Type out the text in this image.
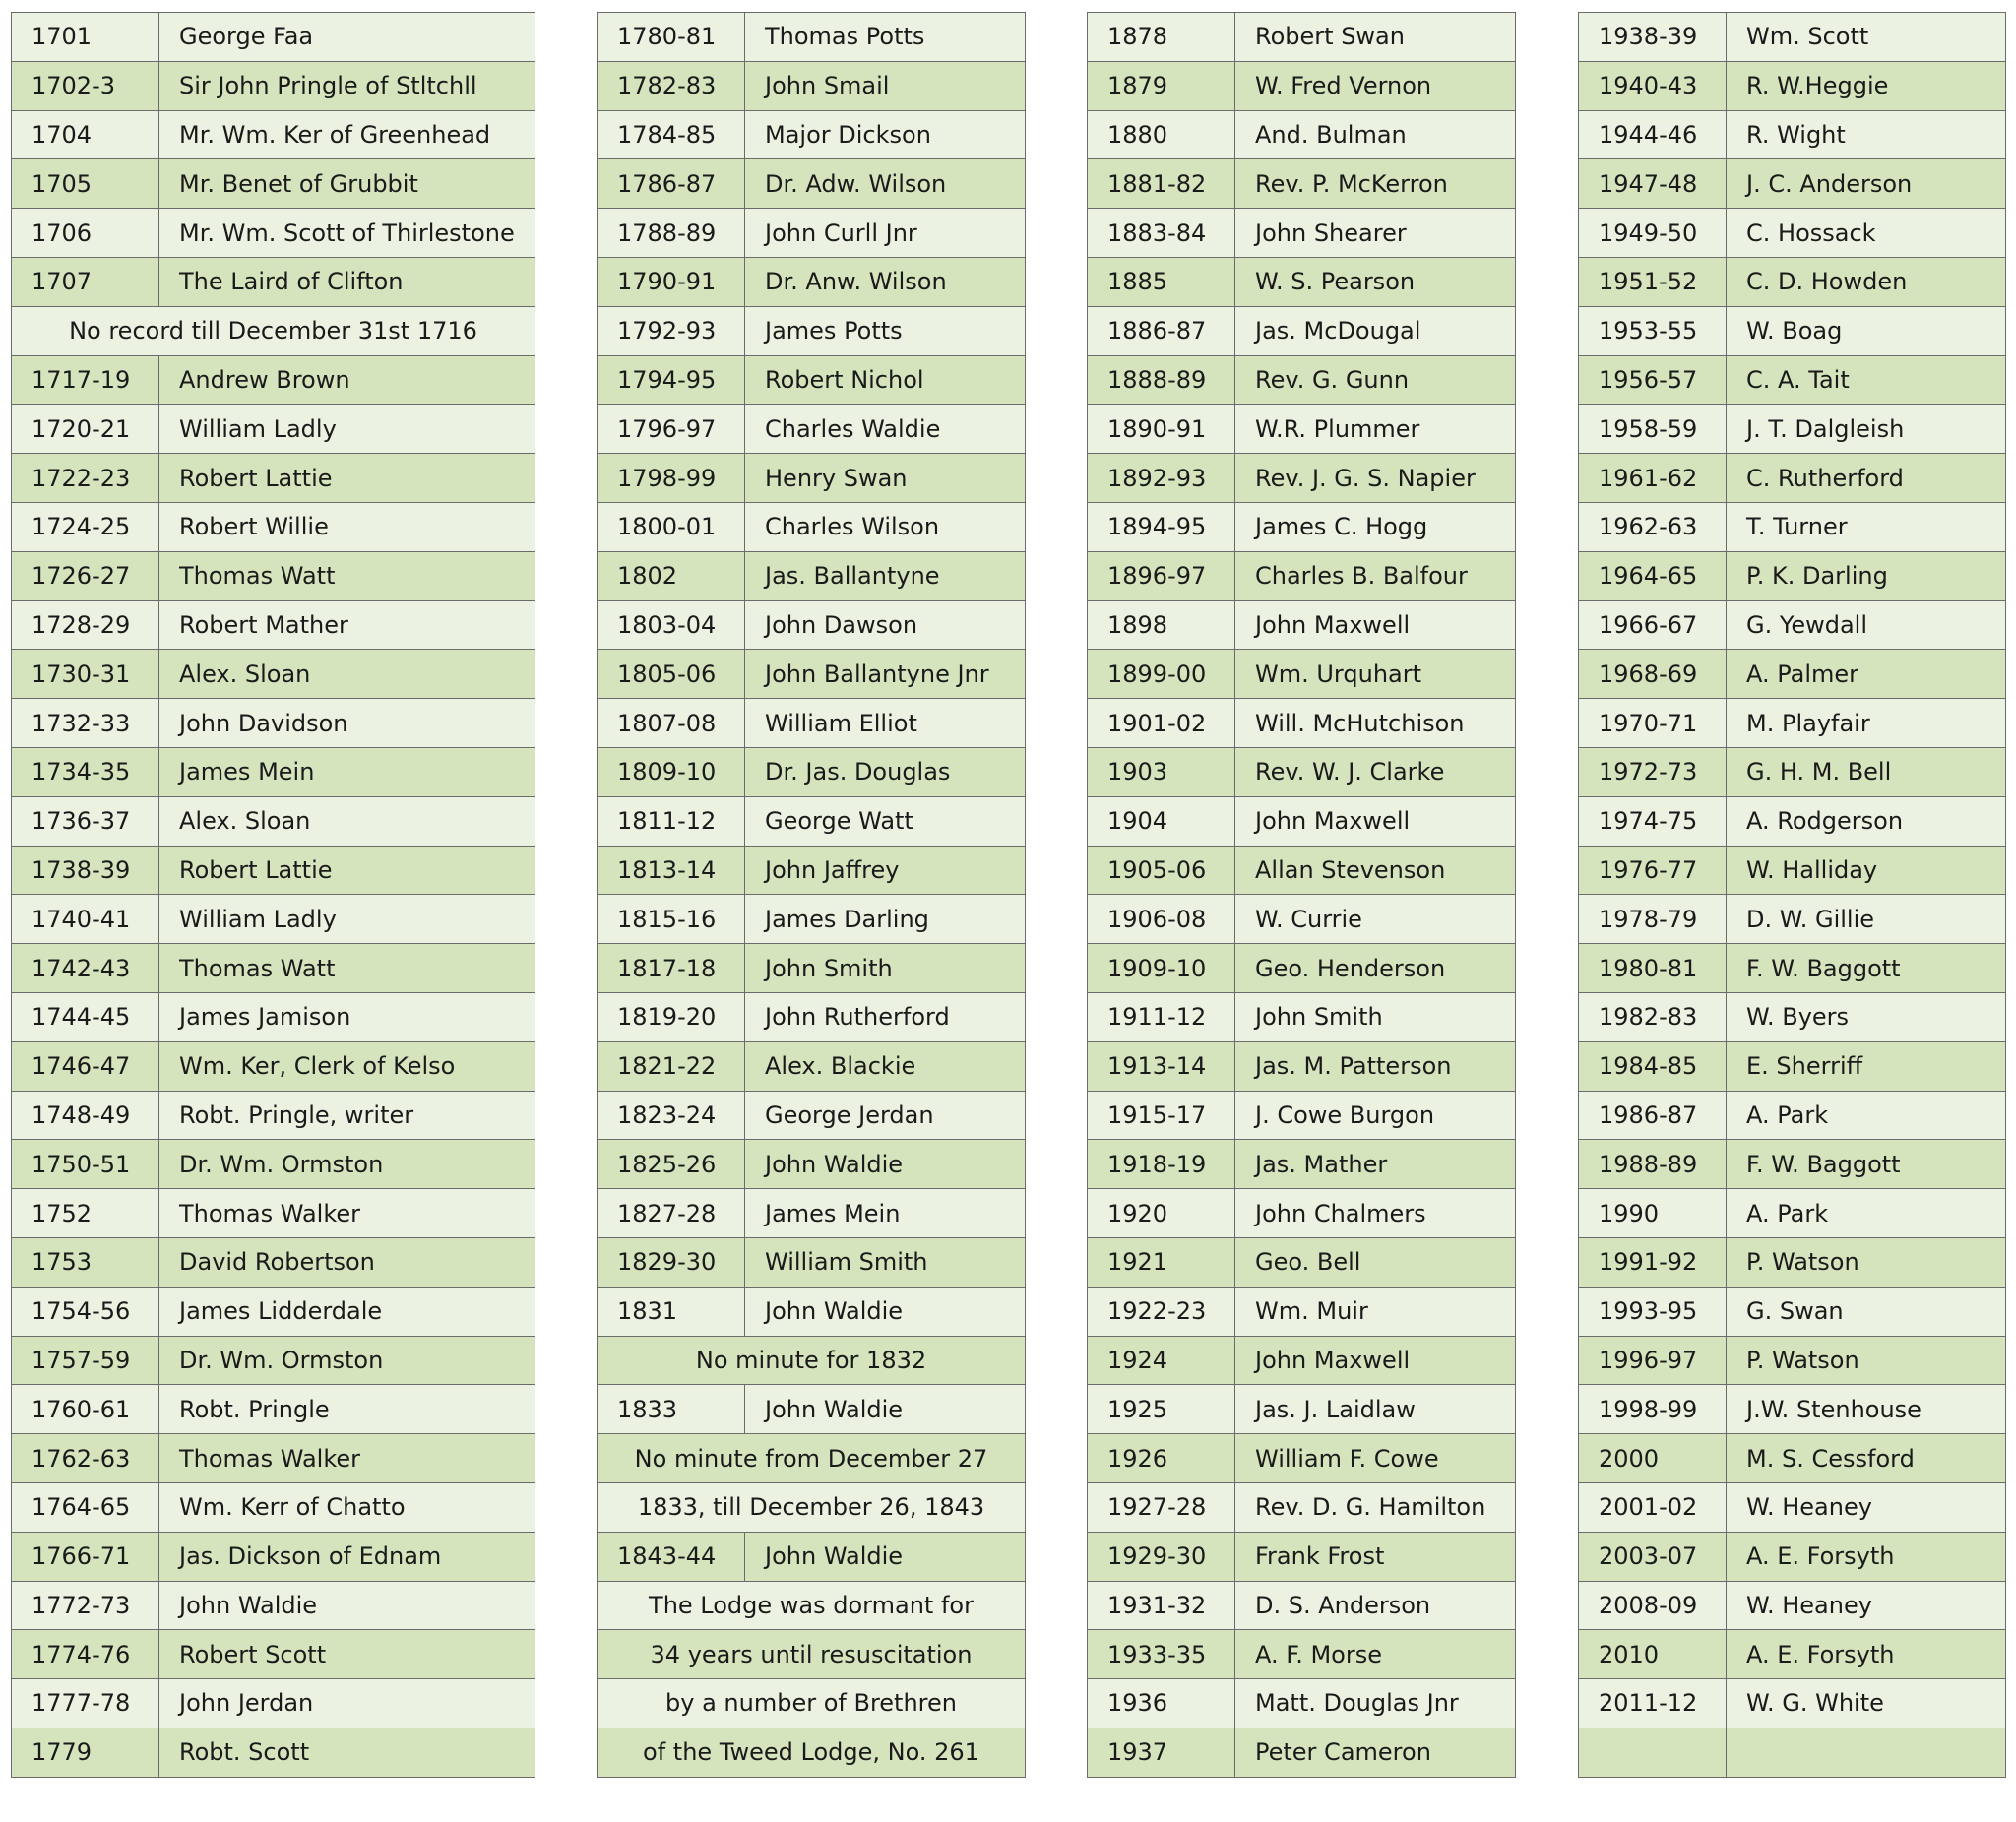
1701	George Faa
1702-3	Sir John Pringle of Stltchll
1704	Mr. Wm. Ker of Greenhead
1705	Mr. Benet of Grubbit
1706	Mr. Wm. Scott of Thirlestone
1707	The Laird of Clifton
No record till December 31st 1716	
1717-19	Andrew Brown
1720-21	William Ladly
1722-23	Robert Lattie
1724-25	Robert Willie
1726-27	Thomas Watt
1728-29	Robert Mather
1730-31	Alex. Sloan
1732-33	John Davidson
1734-35	James Mein
1736-37	Alex. Sloan
1738-39	Robert Lattie
1740-41	William Ladly
1742-43	Thomas Watt
1744-45	James Jamison
1746-47	Wm. Ker, Clerk of Kelso
1748-49	Robt. Pringle, writer
1750-51	Dr. Wm. Ormston
1752	Thomas Walker
1753	David Robertson
1754-56	James Lidderdale
1757-59	Dr. Wm. Ormston
1760-61	Robt. Pringle
1762-63	Thomas Walker
1764-65	Wm. Kerr of Chatto
1766-71	Jas. Dickson of Ednam
1772-73	John Waldie
1774-76	Robert Scott
1777-78	John Jerdan
1779	Robt. Scott
1780-81	Thomas Potts
1782-83	John Smail
1784-85	Major Dickson
1786-87	Dr. Adw. Wilson
1788-89	John Curll Jnr
1790-91	Dr. Anw. Wilson
1792-93	James Potts
1794-95	Robert Nichol
1796-97	Charles Waldie
1798-99	Henry Swan
1800-01	Charles Wilson
1802	Jas. Ballantyne
1803-04	John Dawson
1805-06	John Ballantyne Jnr
1807-08	William Elliot
1809-10	Dr. Jas. Douglas
1811-12	George Watt
1813-14	John Jaffrey
1815-16	James Darling
1817-18	John Smith
1819-20	John Rutherford
1821-22	Alex. Blackie
1823-24	George Jerdan
1825-26	John Waldie
1827-28	James Mein
1829-30	William Smith
1831	John Waldie
No minute for 1832	
1833	John Waldie
No minute from December 27	
1833, till December 26, 1843	
1843-44	John Waldie
The Lodge was dormant for	
34 years until resuscitation	
by a number of Brethren	
of the Tweed Lodge, No. 261	
1878	Robert Swan
1879	W. Fred Vernon
1880	And. Bulman
1881-82	Rev. P. McKerron
1883-84	John Shearer
1885	W. S. Pearson
1886-87	Jas. McDougal
1888-89	Rev. G. Gunn
1890-91	W.R. Plummer
1892-93	Rev. J. G. S. Napier
1894-95	James C. Hogg
1896-97	Charles B. Balfour
1898	John Maxwell
1899-00	Wm. Urquhart
1901-02	Will. McHutchison
1903	Rev. W. J. Clarke
1904	John Maxwell
1905-06	Allan Stevenson
1906-08	W. Currie
1909-10	Geo. Henderson
1911-12	John Smith
1913-14	Jas. M. Patterson
1915-17	J. Cowe Burgon
1918-19	Jas. Mather
1920	John Chalmers
1921	Geo. Bell
1922-23	Wm. Muir
1924	John Maxwell
1925	Jas. J. Laidlaw
1926	William F. Cowe
1927-28	Rev. D. G. Hamilton
1929-30	Frank Frost
1931-32	D. S. Anderson
1933-35	A. F. Morse
1936	Matt. Douglas Jnr
1937	Peter Cameron
1938-39	Wm. Scott
1940-43	R. W.Heggie
1944-46	R. Wight
1947-48	J. C. Anderson
1949-50	C. Hossack
1951-52	C. D. Howden
1953-55	W. Boag
1956-57	C. A. Tait
1958-59	J. T. Dalgleish
1961-62	C. Rutherford
1962-63	T. Turner
1964-65	P. K. Darling
1966-67	G. Yewdall
1968-69	A. Palmer
1970-71	M. Playfair
1972-73	G. H. M. Bell
1974-75	A. Rodgerson
1976-77	W. Halliday
1978-79	D. W. Gillie
1980-81	F. W. Baggott
1982-83	W. Byers
1984-85	E. Sherriff
1986-87	A. Park
1988-89	F. W. Baggott
1990	A. Park
1991-92	P. Watson
1993-95	G. Swan
1996-97	P. Watson
1998-99	J.W. Stenhouse
2000	M. S. Cessford
2001-02	W. Heaney
2003-07	A. E. Forsyth
2008-09	W. Heaney
2010	A. E. Forsyth
2011-12	W. G. White
